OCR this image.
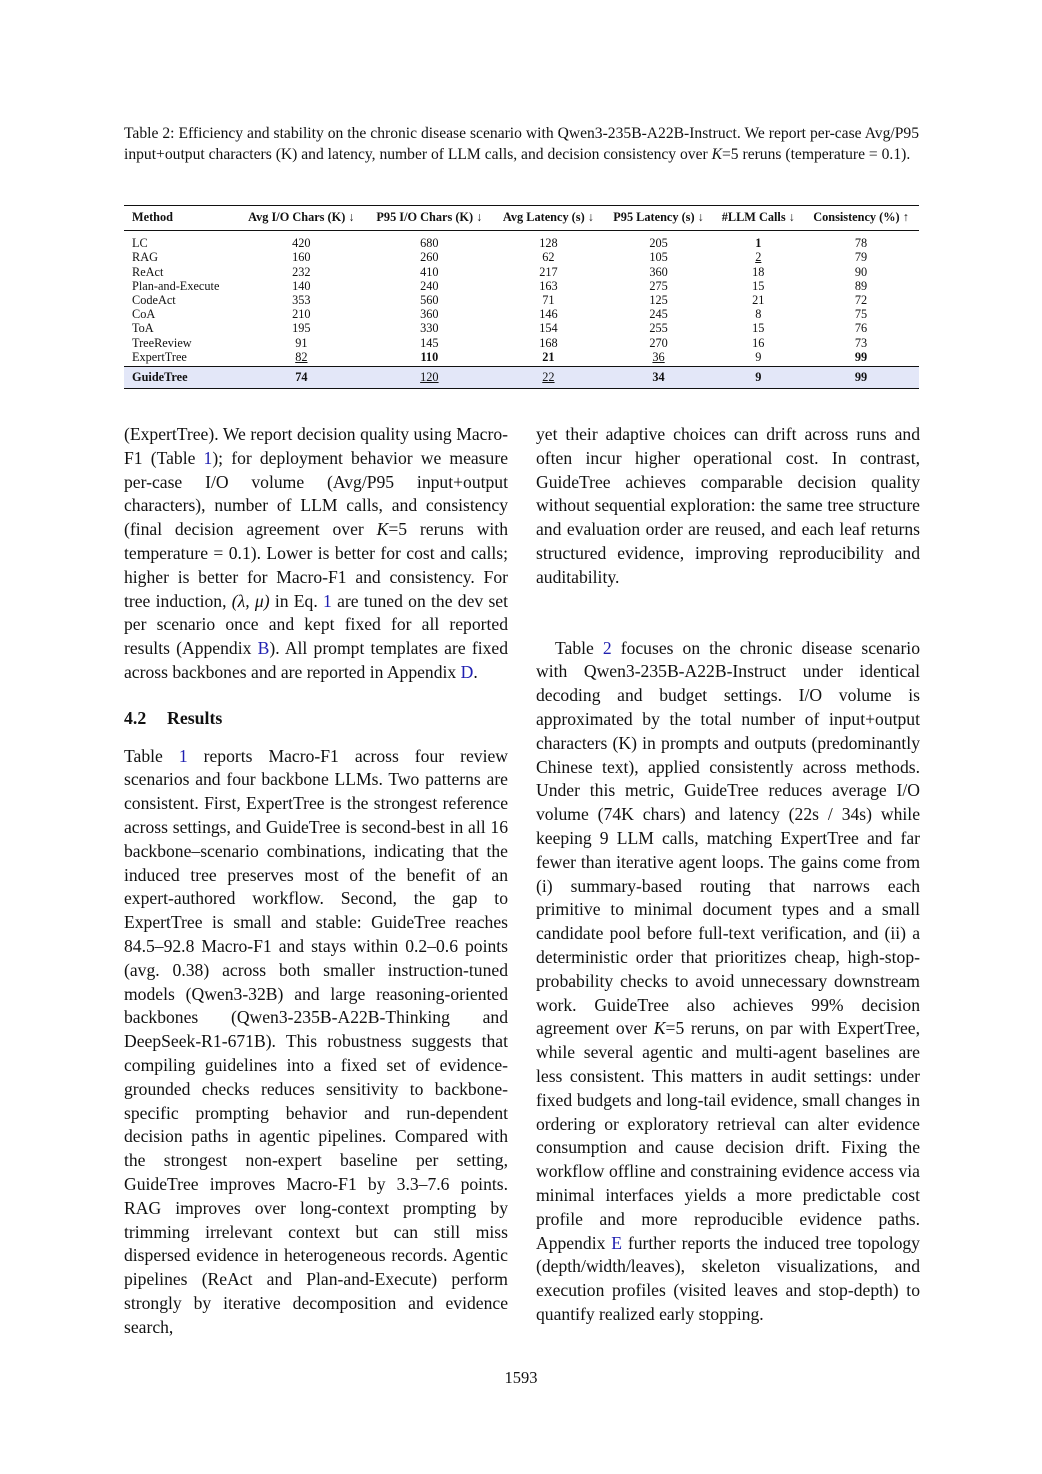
Table 2: Efficiency and stability on the chronic disease scenario with Qwen3-235B-A22B-Instruct. We report per-case Avg/P95 input+output characters (K) and latency, number of LLM calls, and decision consistency over K=5 reruns (temperature = 0.1).
Method	Avg I/O Chars (K) ↓	P95 I/O Chars (K) ↓	Avg Latency (s) ↓	P95 Latency (s) ↓	#LLM Calls ↓	Consistency (%) ↑
LC	420	680	128	205	1	78
RAG	160	260	62	105	2	79
ReAct	232	410	217	360	18	90
Plan-and-Execute	140	240	163	275	15	89
CodeAct	353	560	71	125	21	72
CoA	210	360	146	245	8	75
ToA	195	330	154	255	15	76
TreeReview	91	145	168	270	16	73
ExpertTree	82	110	21	36	9	99
GuideTree	74	120	22	34	9	99

(ExpertTree). We report decision quality using Macro-F1 (Table 1); for deployment behavior we measure per-case I/O volume (Avg/P95 input+output characters), number of LLM calls, and consistency (final decision agreement over K=5 reruns with temperature = 0.1). Lower is better for cost and calls; higher is better for Macro-F1 and consistency. For tree induction, (λ, μ) in Eq. 1 are tuned on the dev set per scenario once and kept fixed for all reported results (Appendix B). All prompt templates are fixed across backbones and are reported in Appendix D.

4.2 Results

Table 1 reports Macro-F1 across four review scenarios and four backbone LLMs. Two patterns are consistent. First, ExpertTree is the strongest reference across settings, and GuideTree is second-best in all 16 backbone–scenario combinations, indicating that the induced tree preserves most of the benefit of an expert-authored workflow. Second, the gap to ExpertTree is small and stable: GuideTree reaches 84.5–92.8 Macro-F1 and stays within 0.2–0.6 points (avg. 0.38) across both smaller instruction-tuned models (Qwen3-32B) and large reasoning-oriented backbones (Qwen3-235B-A22B-Thinking and DeepSeek-R1-671B). This robustness suggests that compiling guidelines into a fixed set of evidence-grounded checks reduces sensitivity to backbone-specific prompting behavior and run-dependent decision paths in agentic pipelines. Compared with the strongest non-expert baseline per setting, GuideTree improves Macro-F1 by 3.3–7.6 points. RAG improves over long-context prompting by trimming irrelevant context but can still miss dispersed evidence in heterogeneous records. Agentic pipelines (ReAct and Plan-and-Execute) perform strongly by iterative decomposition and evidence search,

yet their adaptive choices can drift across runs and often incur higher operational cost. In contrast, GuideTree achieves comparable decision quality without sequential exploration: the same tree structure and evaluation order are reused, and each leaf returns structured evidence, improving reproducibility and auditability.

Table 2 focuses on the chronic disease scenario with Qwen3-235B-A22B-Instruct under identical decoding and budget settings. I/O volume is approximated by the total number of input+output characters (K) in prompts and outputs (predominantly Chinese text), applied consistently across methods. Under this metric, GuideTree reduces average I/O volume (74K chars) and latency (22s / 34s) while keeping 9 LLM calls, matching ExpertTree and far fewer than iterative agent loops. The gains come from (i) summary-based routing that narrows each primitive to minimal document types and a small candidate pool before full-text verification, and (ii) a deterministic order that prioritizes cheap, high-stop-probability checks to avoid unnecessary downstream work. GuideTree also achieves 99% decision agreement over K=5 reruns, on par with ExpertTree, while several agentic and multi-agent baselines are less consistent. This matters in audit settings: under fixed budgets and long-tail evidence, small changes in ordering or exploratory retrieval can alter evidence consumption and cause decision drift. Fixing the workflow offline and constraining evidence access via minimal interfaces yields a more predictable cost profile and more reproducible evidence paths. Appendix E further reports the induced tree topology (depth/width/leaves), skeleton visualizations, and execution profiles (visited leaves and stop-depth) to quantify realized early stopping.

1593
